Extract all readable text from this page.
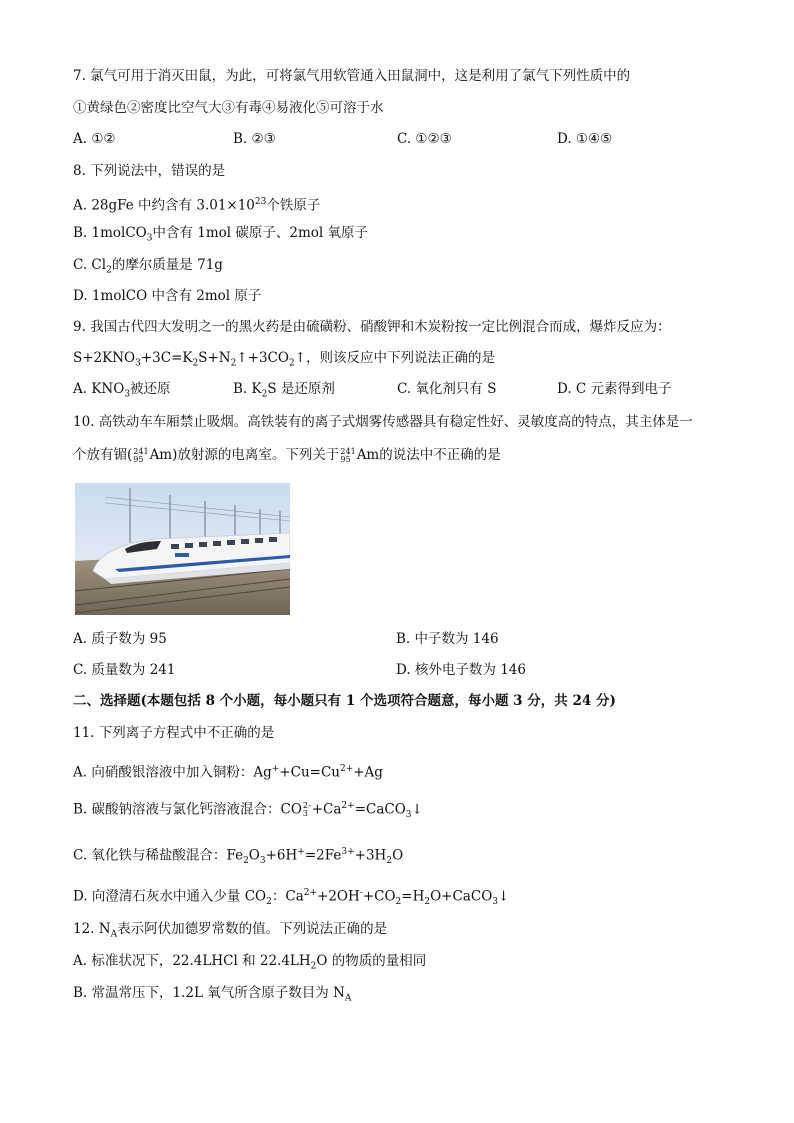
7. 氯气可用于消灭田鼠，为此，可将氯气用软管通入田鼠洞中，这是利用了氯气下列性质中的
①黄绿色②密度比空气大③有毒④易液化⑤可溶于水
A. ①②	B. ②③	C. ①②③	D. ①④⑤
8. 下列说法中，错误的是
A. 28gFe 中约含有 $3.01\times 10^{23}$个铁原子
B. 1molCO$_3$中含有 1mol 碳原子、2mol 氧原子
C. $Cl_2$的摩尔质量是 71g
D. 1molCO 中含有 2mol 原子
9. 我国古代四大发明之一的黑火药是由硫磺粉、硝酸钾和木炭粉按一定比例混合而成，爆炸反应为：
$S+2KNO_3+3C=K_2S+N_2↑+3CO_2↑$，则该反应中下列说法正确的是
A. $KNO_3$被还原	B. $K_2S$ 是还原剂	C. 氧化剂只有 S	D. C 元素得到电子
10. 高铁动车车厢禁止吸烟。高铁装有的离子式烟雾传感器具有稳定性好、灵敏度高的特点，其主体是一
个放有镅(241
95 Am)放射源的电离室。下列关于241
95 Am的说法中不正确的是
A. 质子数为 95	B. 中子数为 146
C. 质量数为 241	D. 核外电子数为 146
二、选择题(本题包括 8 个小题，每小题只有 1 个选项符合题意，每小题 3 分，共 24 分)
11. 下列离子方程式中不正确的是
A. 向硝酸银溶液中加入铜粉：$Ag^++Cu=Cu^{2+}+Ag$
B. 碳酸钠溶液与氯化钙溶液混合：CO2-
$3 +Ca^{2+}=CaCO_3↓$
C. 氧化铁与稀盐酸混合：$Fe_2O_3+6H^+=2Fe^{3+}+3H_2O$
D. 向澄清石灰水中通入少量 $CO_2$：$Ca^{2+}+2OH^-+CO_2=H_2O+CaCO_3↓$
12. $N_A$表示阿伏加德罗常数的值。下列说法正确的是
A. 标准状况下，22.4LHCl 和 $22.4LH_2O$ 的物质的量相同
B. 常温常压下，1.2L 氧气所含原子数目为 $N_A$
